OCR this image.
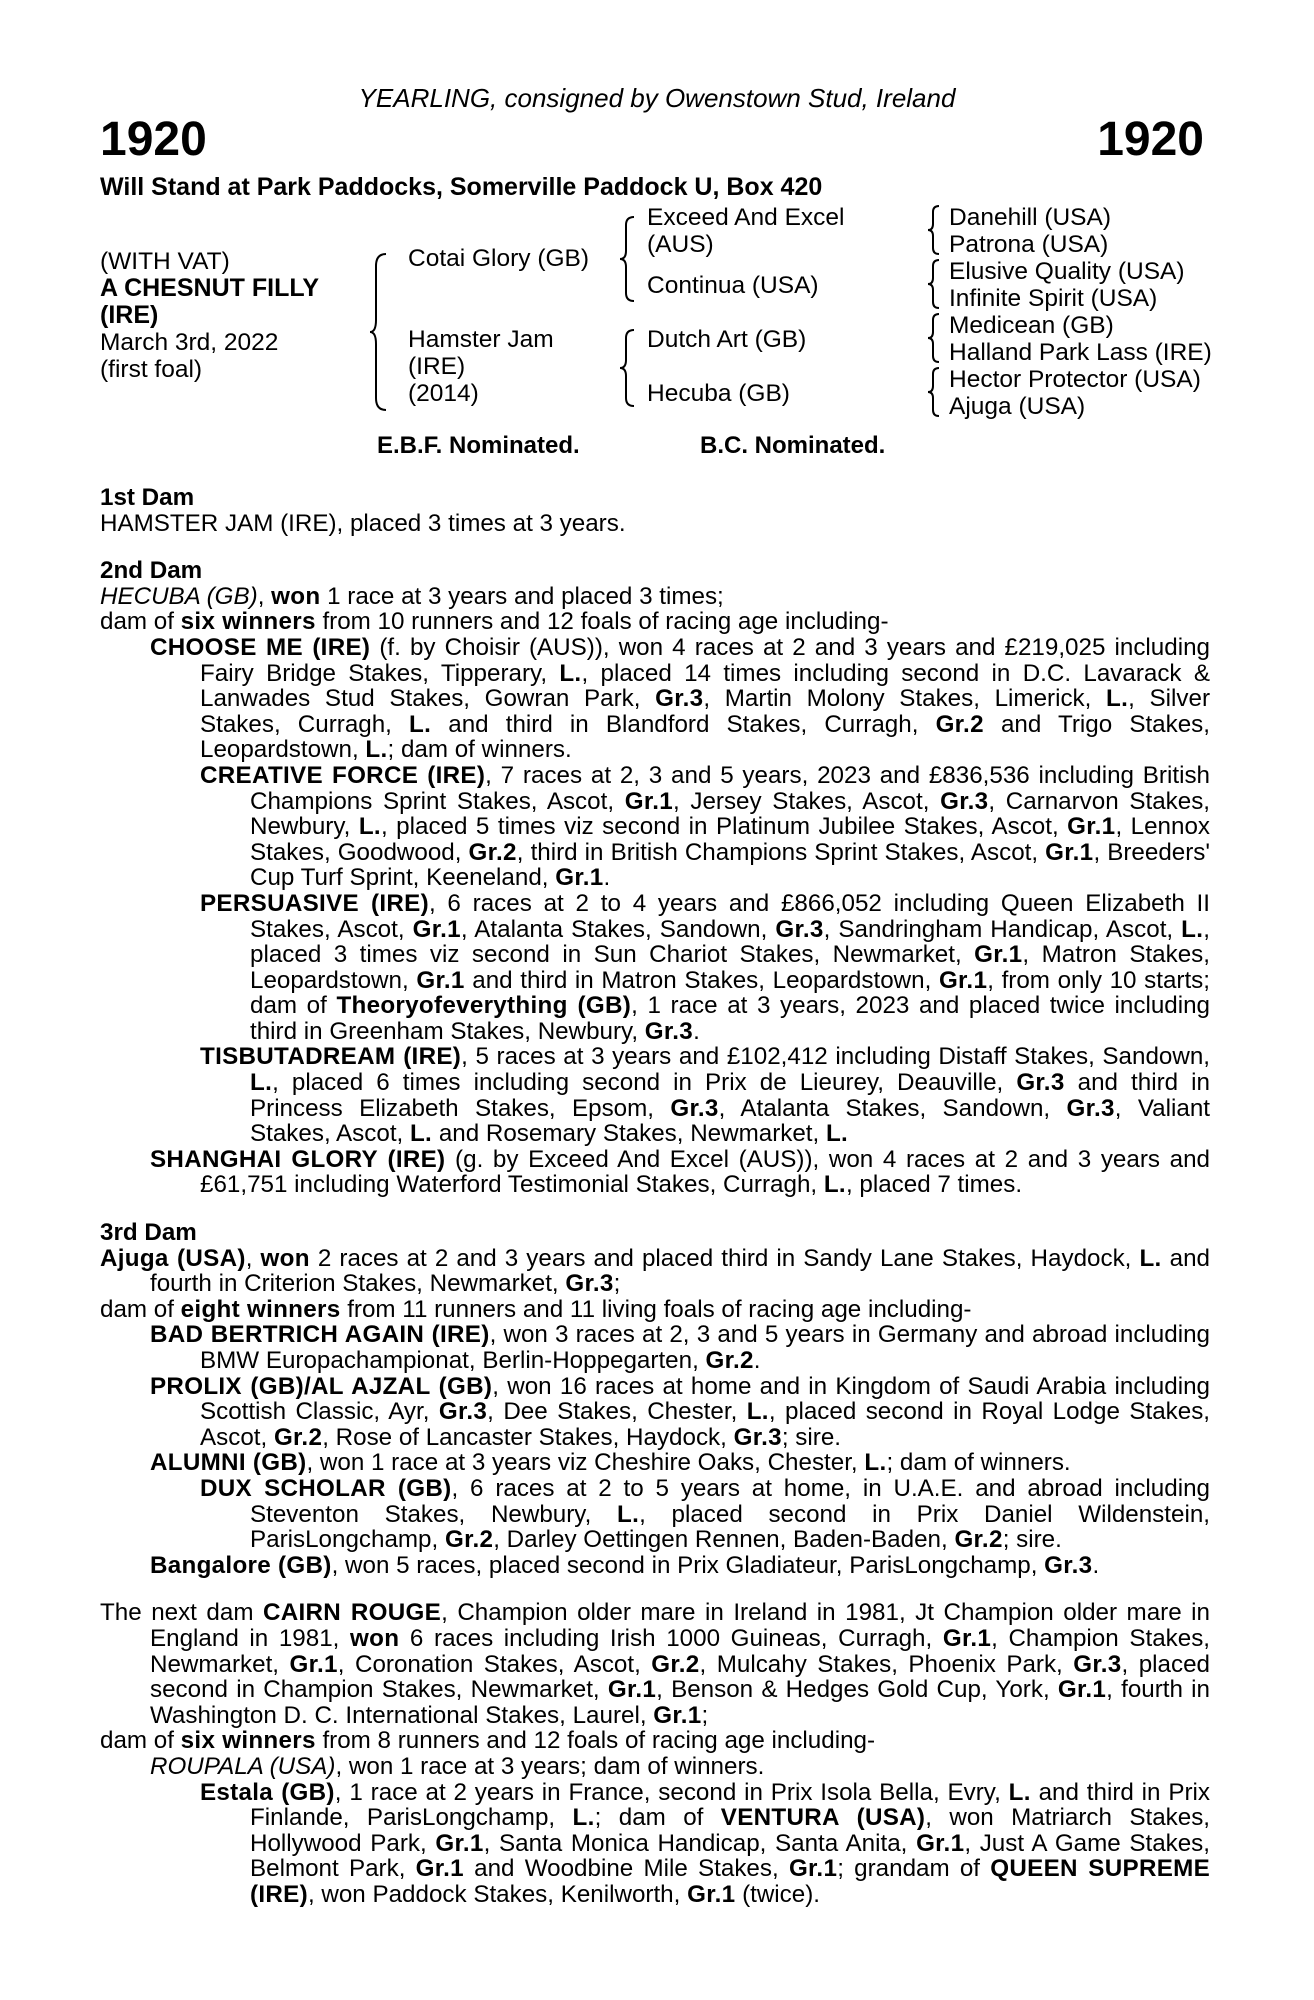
YEARLING, consigned by Owenstown Stud, Ireland
1920	1920
Will Stand at Park Paddocks, Somerville Paddock U, Box 420
(WITH VAT)
A CHESNUT FILLY
(IRE)
March 3rd, 2022
(first foal)
Cotai Glory (GB)
Hamster Jam
(IRE)
(2014)
Exceed And Excel
(AUS)
Continua (USA)
Dutch Art (GB)
Hecuba (GB)
Danehill (USA)
Patrona (USA)
Elusive Quality (USA)
Infinite Spirit (USA)
Medicean (GB)
Halland Park Lass (IRE)
Hector Protector (USA)
Ajuga (USA)
E.B.F. Nominated.	B.C. Nominated.
1st Dam
HAMSTER JAM (IRE), placed 3 times at 3 years.
2nd Dam
HECUBA (GB), won 1 race at 3 years and placed 3 times;
dam of six winners from 10 runners and 12 foals of racing age including-
CHOOSE ME (IRE) (f. by Choisir (AUS)), won 4 races at 2 and 3 years and £219,025 including Fairy Bridge Stakes, Tipperary, L., placed 14 times including second in D.C. Lavarack & Lanwades Stud Stakes, Gowran Park, Gr.3, Martin Molony Stakes, Limerick, L., Silver Stakes, Curragh, L. and third in Blandford Stakes, Curragh, Gr.2 and Trigo Stakes, Leopardstown, L.; dam of winners.
CREATIVE FORCE (IRE), 7 races at 2, 3 and 5 years, 2023 and £836,536 including British Champions Sprint Stakes, Ascot, Gr.1, Jersey Stakes, Ascot, Gr.3, Carnarvon Stakes, Newbury, L., placed 5 times viz second in Platinum Jubilee Stakes, Ascot, Gr.1, Lennox Stakes, Goodwood, Gr.2, third in British Champions Sprint Stakes, Ascot, Gr.1, Breeders' Cup Turf Sprint, Keeneland, Gr.1.
PERSUASIVE (IRE), 6 races at 2 to 4 years and £866,052 including Queen Elizabeth II Stakes, Ascot, Gr.1, Atalanta Stakes, Sandown, Gr.3, Sandringham Handicap, Ascot, L., placed 3 times viz second in Sun Chariot Stakes, Newmarket, Gr.1, Matron Stakes, Leopardstown, Gr.1 and third in Matron Stakes, Leopardstown, Gr.1, from only 10 starts; dam of Theoryofeverything (GB), 1 race at 3 years, 2023 and placed twice including third in Greenham Stakes, Newbury, Gr.3.
TISBUTADREAM (IRE), 5 races at 3 years and £102,412 including Distaff Stakes, Sandown, L., placed 6 times including second in Prix de Lieurey, Deauville, Gr.3 and third in Princess Elizabeth Stakes, Epsom, Gr.3, Atalanta Stakes, Sandown, Gr.3, Valiant Stakes, Ascot, L. and Rosemary Stakes, Newmarket, L.
SHANGHAI GLORY (IRE) (g. by Exceed And Excel (AUS)), won 4 races at 2 and 3 years and £61,751 including Waterford Testimonial Stakes, Curragh, L., placed 7 times.
3rd Dam
Ajuga (USA), won 2 races at 2 and 3 years and placed third in Sandy Lane Stakes, Haydock, L. and fourth in Criterion Stakes, Newmarket, Gr.3;
dam of eight winners from 11 runners and 11 living foals of racing age including-
BAD BERTRICH AGAIN (IRE), won 3 races at 2, 3 and 5 years in Germany and abroad including BMW Europachampionat, Berlin-Hoppegarten, Gr.2.
PROLIX (GB)/AL AJZAL (GB), won 16 races at home and in Kingdom of Saudi Arabia including Scottish Classic, Ayr, Gr.3, Dee Stakes, Chester, L., placed second in Royal Lodge Stakes, Ascot, Gr.2, Rose of Lancaster Stakes, Haydock, Gr.3; sire.
ALUMNI (GB), won 1 race at 3 years viz Cheshire Oaks, Chester, L.; dam of winners.
DUX SCHOLAR (GB), 6 races at 2 to 5 years at home, in U.A.E. and abroad including Steventon Stakes, Newbury, L., placed second in Prix Daniel Wildenstein, ParisLongchamp, Gr.2, Darley Oettingen Rennen, Baden-Baden, Gr.2; sire.
Bangalore (GB), won 5 races, placed second in Prix Gladiateur, ParisLongchamp, Gr.3.
The next dam CAIRN ROUGE, Champion older mare in Ireland in 1981, Jt Champion older mare in England in 1981, won 6 races including Irish 1000 Guineas, Curragh, Gr.1, Champion Stakes, Newmarket, Gr.1, Coronation Stakes, Ascot, Gr.2, Mulcahy Stakes, Phoenix Park, Gr.3, placed second in Champion Stakes, Newmarket, Gr.1, Benson & Hedges Gold Cup, York, Gr.1, fourth in Washington D. C. International Stakes, Laurel, Gr.1;
dam of six winners from 8 runners and 12 foals of racing age including-
ROUPALA (USA), won 1 race at 3 years; dam of winners.
Estala (GB), 1 race at 2 years in France, second in Prix Isola Bella, Evry, L. and third in Prix Finlande, ParisLongchamp, L.; dam of VENTURA (USA), won Matriarch Stakes, Hollywood Park, Gr.1, Santa Monica Handicap, Santa Anita, Gr.1, Just A Game Stakes, Belmont Park, Gr.1 and Woodbine Mile Stakes, Gr.1; grandam of QUEEN SUPREME (IRE), won Paddock Stakes, Kenilworth, Gr.1 (twice).
